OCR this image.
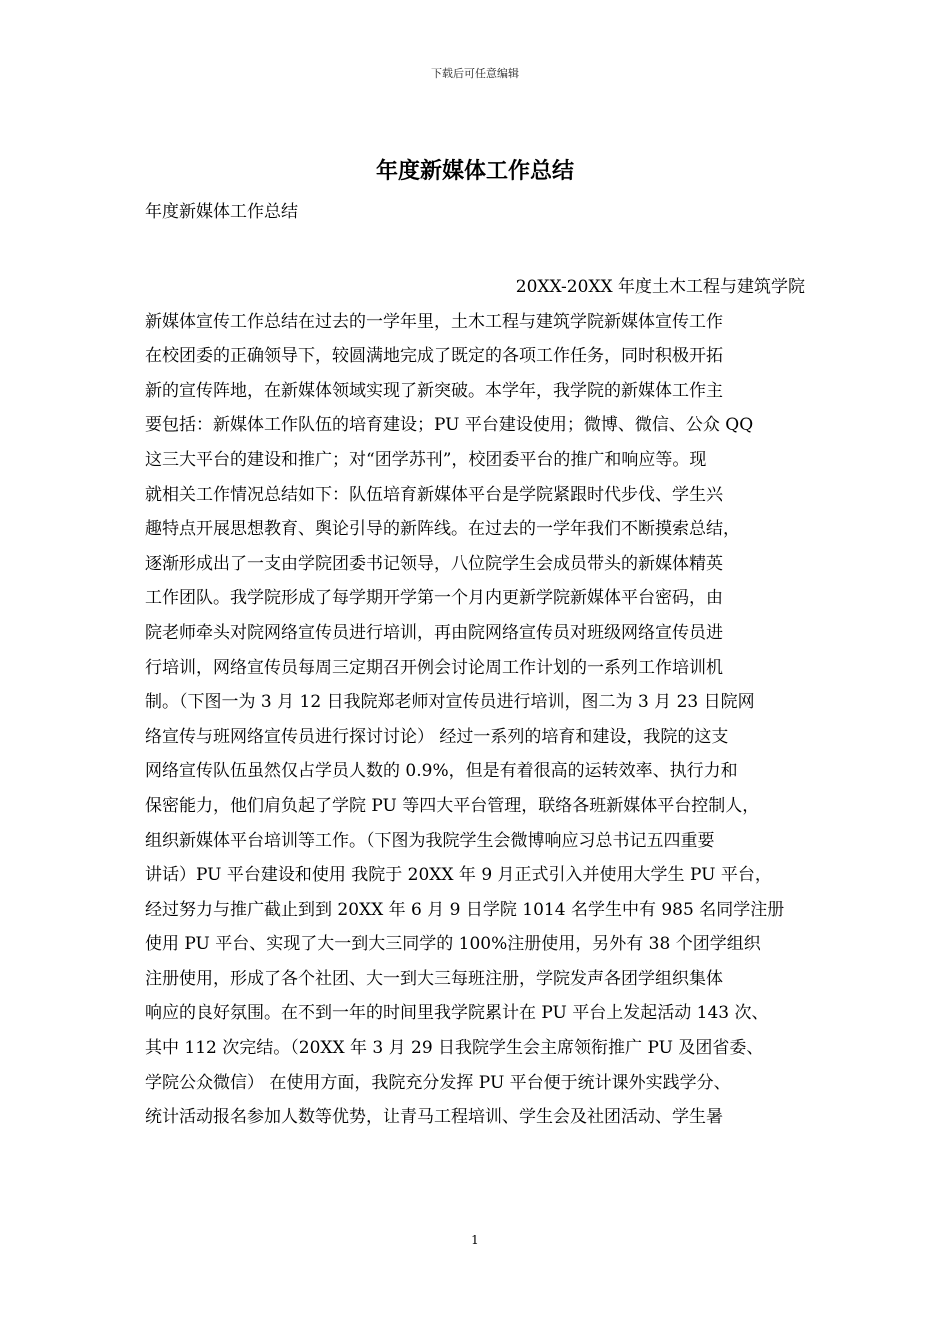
下载后可任意编辑
年度新媒体工作总结
年度新媒体工作总结
20XX-20XX 年度土木工程与建筑学院
新媒体宣传工作总结在过去的一学年里，土木工程与建筑学院新媒体宣传工作
在校团委的正确领导下，较圆满地完成了既定的各项工作任务，同时积极开拓
新的宣传阵地，在新媒体领域实现了新突破。本学年，我学院的新媒体工作主
要包括：新媒体工作队伍的培育建设；PU 平台建设使用；微博、微信、公众 QQ
这三大平台的建设和推广；对“团学苏刊”，校团委平台的推广和响应等。现
就相关工作情况总结如下：队伍培育新媒体平台是学院紧跟时代步伐、学生兴
趣特点开展思想教育、舆论引导的新阵线。在过去的一学年我们不断摸索总结，
逐渐形成出了一支由学院团委书记领导，八位院学生会成员带头的新媒体精英
工作团队。我学院形成了每学期开学第一个月内更新学院新媒体平台密码，由
院老师牵头对院网络宣传员进行培训，再由院网络宣传员对班级网络宣传员进
行培训，网络宣传员每周三定期召开例会讨论周工作计划的一系列工作培训机
制。（下图一为 3 月 12 日我院郑老师对宣传员进行培训，图二为 3 月 23 日院网
络宣传与班网络宣传员进行探讨讨论） 经过一系列的培育和建设，我院的这支
网络宣传队伍虽然仅占学员人数的 0.9%，但是有着很高的运转效率、执行力和
保密能力，他们肩负起了学院 PU 等四大平台管理，联络各班新媒体平台控制人，
组织新媒体平台培训等工作。（下图为我院学生会微博响应习总书记五四重要
讲话）PU 平台建设和使用 我院于 20XX 年 9 月正式引入并使用大学生 PU 平台，
经过努力与推广截止到到 20XX 年 6 月 9 日学院 1014 名学生中有 985 名同学注册
使用 PU 平台、实现了大一到大三同学的 100%注册使用，另外有 38 个团学组织
注册使用，形成了各个社团、大一到大三每班注册，学院发声各团学组织集体
响应的良好氛围。在不到一年的时间里我学院累计在 PU 平台上发起活动 143 次、
其中 112 次完结。（20XX 年 3 月 29 日我院学生会主席领衔推广 PU 及团省委、
学院公众微信） 在使用方面，我院充分发挥 PU 平台便于统计课外实践学分、
统计活动报名参加人数等优势，让青马工程培训、学生会及社团活动、学生暑
1
